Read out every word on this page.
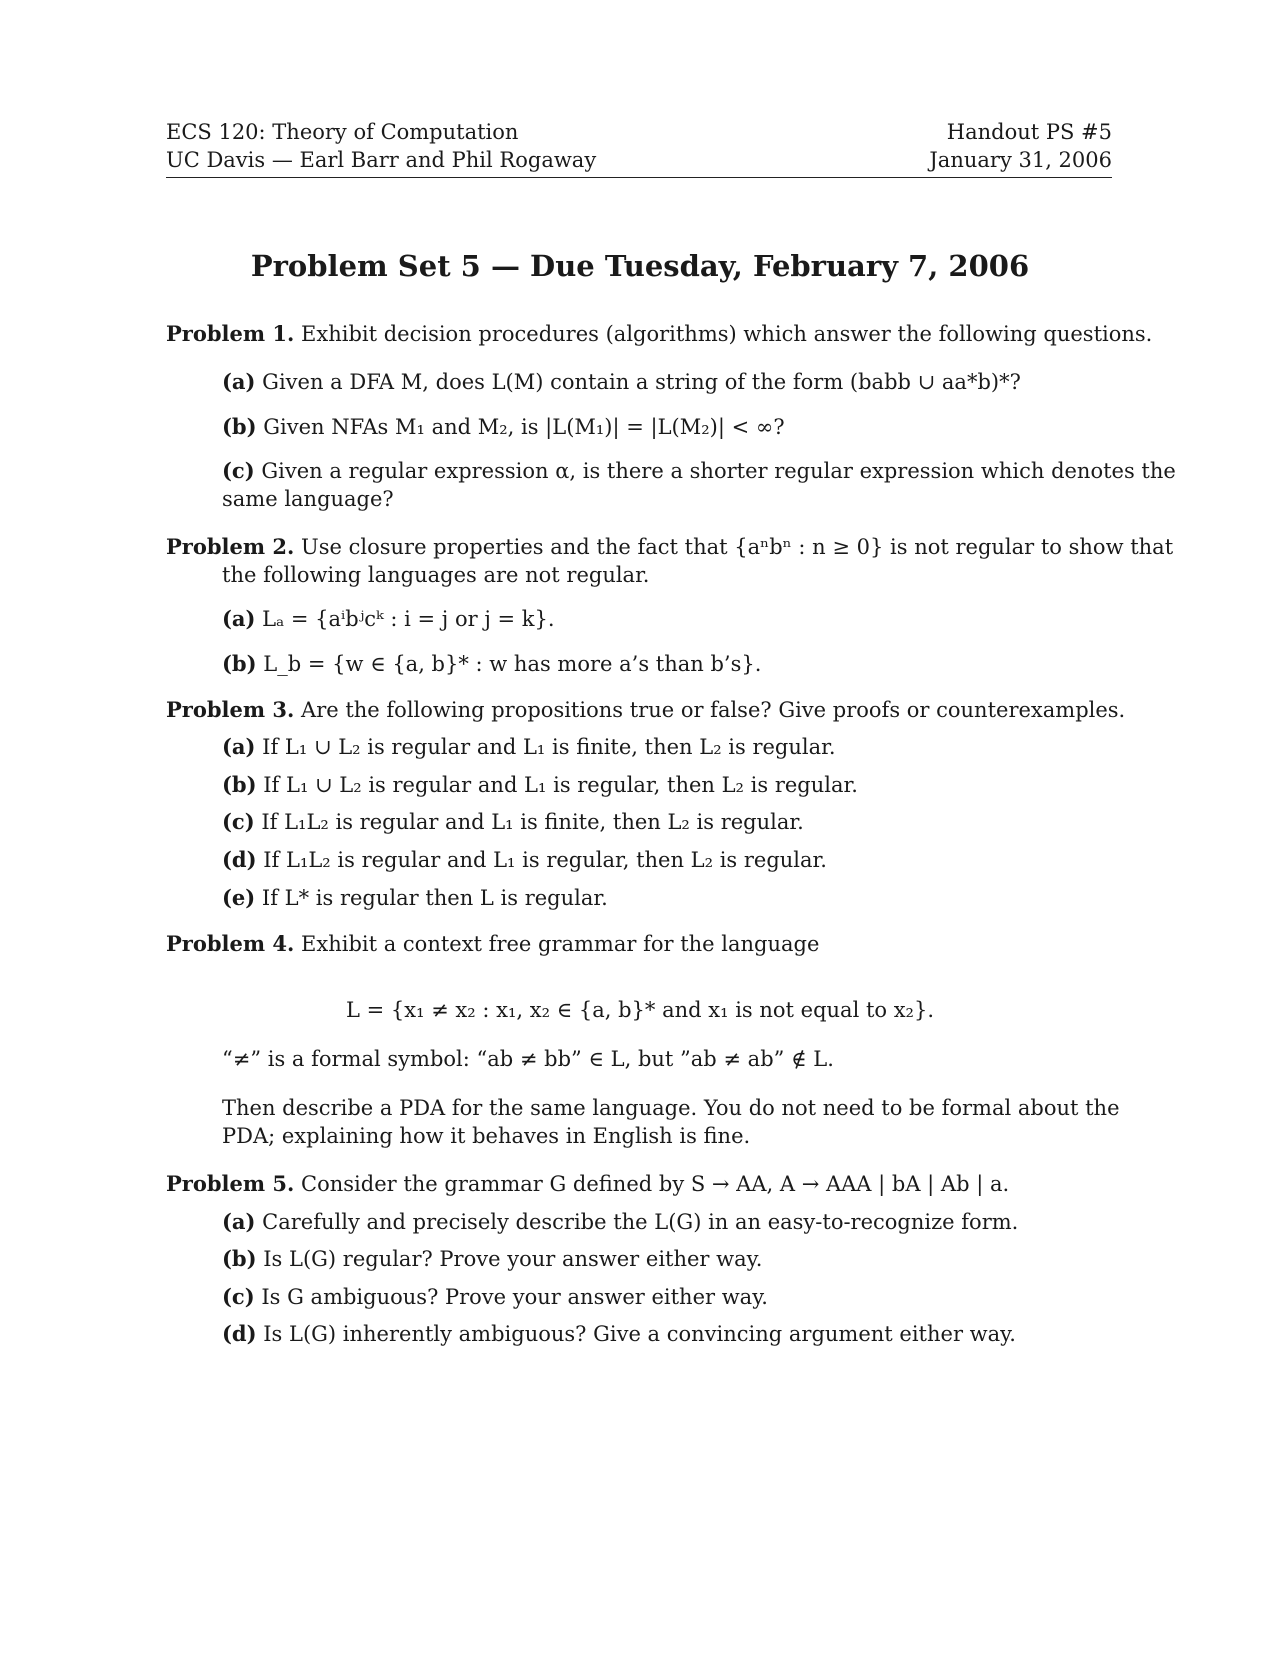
ECS 120: Theory of Computation
UC Davis — Earl Barr and Phil Rogaway
Handout PS #5
January 31, 2006
Problem Set 5 — Due Tuesday, February 7, 2006
Problem 1. Exhibit decision procedures (algorithms) which answer the following questions.
(a) Given a DFA M, does L(M) contain a string of the form (babb ∪ aa*b)*?
(b) Given NFAs M₁ and M₂, is |L(M₁)| = |L(M₂)| < ∞?
(c) Given a regular expression α, is there a shorter regular expression which denotes the
same language?
Problem 2. Use closure properties and the fact that {aⁿbⁿ : n ≥ 0} is not regular to show that
the following languages are not regular.
(a) Lₐ = {aⁱbʲcᵏ : i = j or j = k}.
(b) L_b = {w ∈ {a, b}* : w has more a’s than b’s}.
Problem 3. Are the following propositions true or false? Give proofs or counterexamples.
(a) If L₁ ∪ L₂ is regular and L₁ is finite, then L₂ is regular.
(b) If L₁ ∪ L₂ is regular and L₁ is regular, then L₂ is regular.
(c) If L₁L₂ is regular and L₁ is finite, then L₂ is regular.
(d) If L₁L₂ is regular and L₁ is regular, then L₂ is regular.
(e) If L* is regular then L is regular.
Problem 4. Exhibit a context free grammar for the language
L = {x₁ ≠ x₂ : x₁, x₂ ∈ {a, b}* and x₁ is not equal to x₂}.
“≠” is a formal symbol: “ab ≠ bb” ∈ L, but ”ab ≠ ab” ∉ L.
Then describe a PDA for the same language. You do not need to be formal about the
PDA; explaining how it behaves in English is fine.
Problem 5. Consider the grammar G defined by S → AA, A → AAA | bA | Ab | a.
(a) Carefully and precisely describe the L(G) in an easy-to-recognize form.
(b) Is L(G) regular? Prove your answer either way.
(c) Is G ambiguous? Prove your answer either way.
(d) Is L(G) inherently ambiguous? Give a convincing argument either way.
